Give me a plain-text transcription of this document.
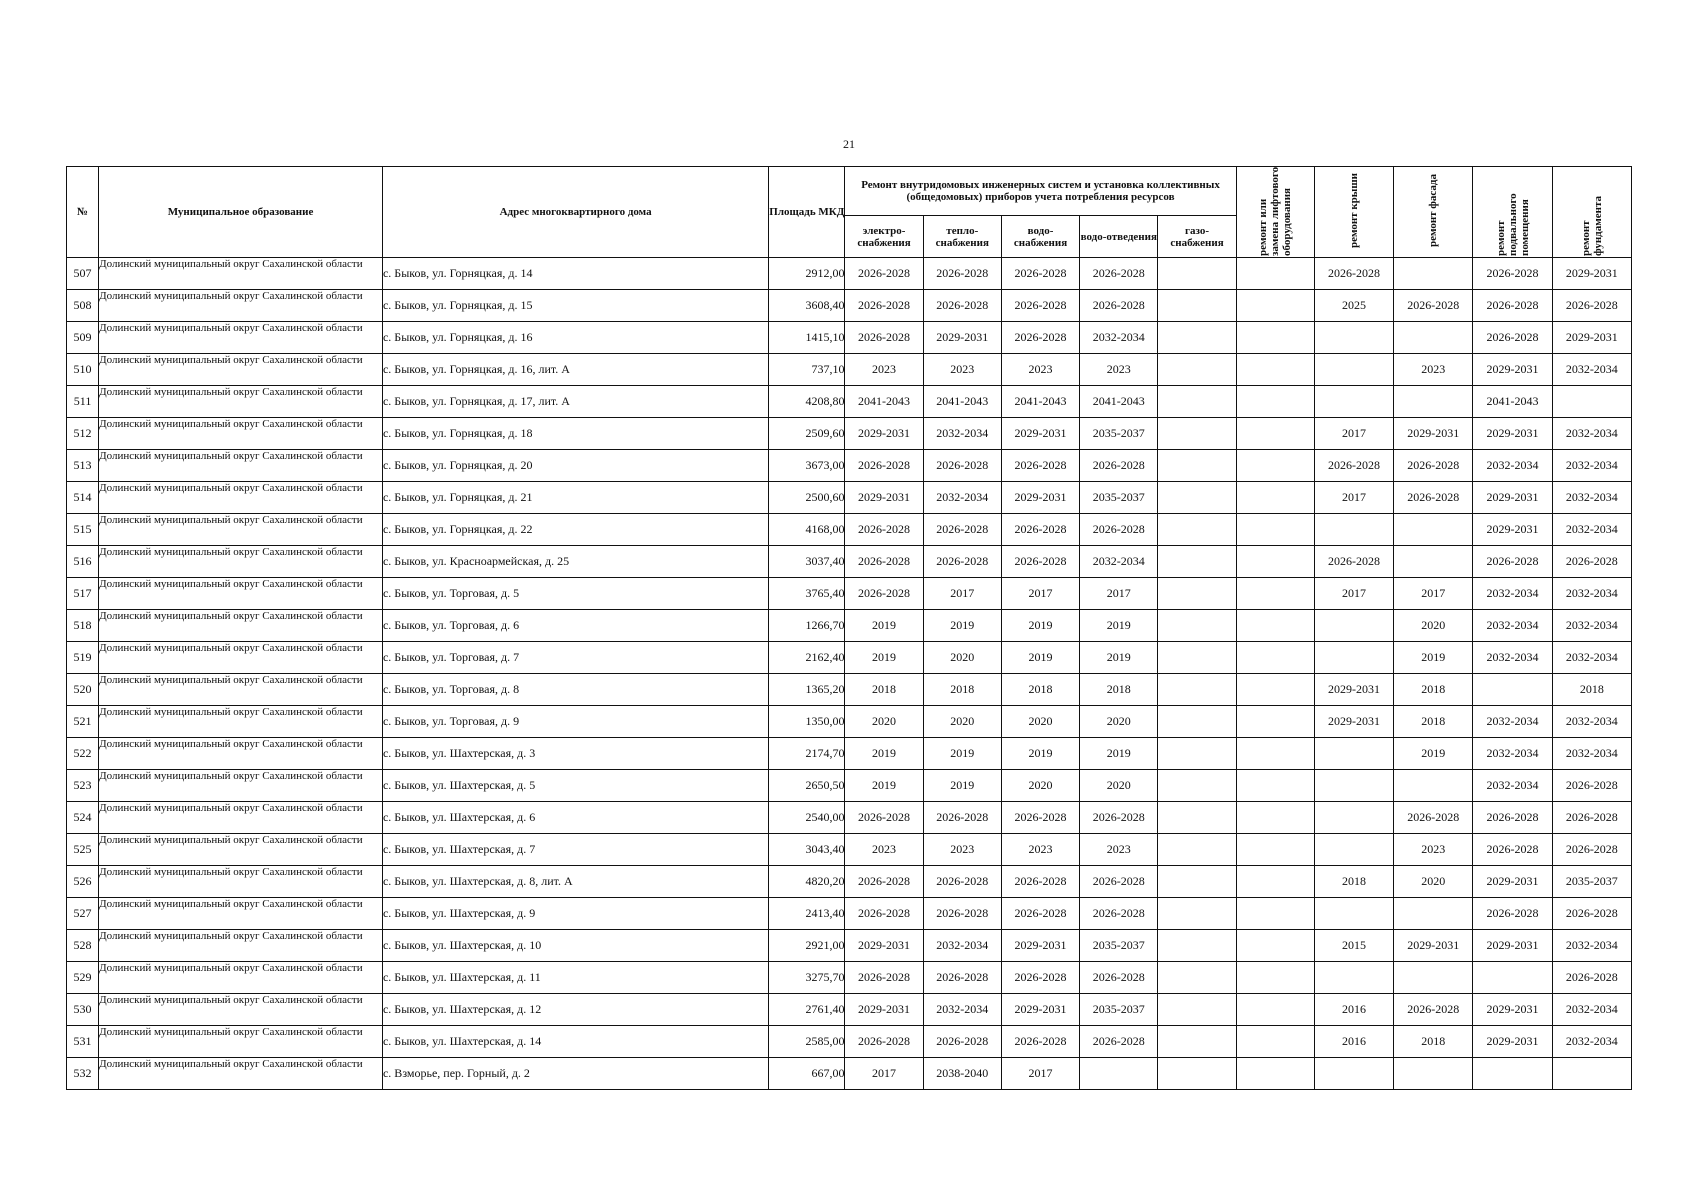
21
№	Муниципальное образование	Адрес многоквартирного дома	Площадь МКД	Ремонт внутридомовых инженерных систем и установка коллективных (общедомовых) приборов учета потребления ресурсов					ремонт или замена лифтового оборудования	ремонт крыши	ремонт фасада	ремонт подвального помещения	ремонт фундамента
				электро-снабжения	тепло-снабжения	водо-снабжения	водо-отведения	газо-снабжения					
507	Долинский муниципальный округ Сахалинской области	с. Быков, ул. Горняцкая, д. 14	2912,00	2026-2028	2026-2028	2026-2028	2026-2028			2026-2028		2026-2028	2029-2031
508	Долинский муниципальный округ Сахалинской области	с. Быков, ул. Горняцкая, д. 15	3608,40	2026-2028	2026-2028	2026-2028	2026-2028			2025	2026-2028	2026-2028	2026-2028
509	Долинский муниципальный округ Сахалинской области	с. Быков, ул. Горняцкая, д. 16	1415,10	2026-2028	2029-2031	2026-2028	2032-2034					2026-2028	2029-2031
510	Долинский муниципальный округ Сахалинской области	с. Быков, ул. Горняцкая, д. 16, лит. А	737,10	2023	2023	2023	2023				2023	2029-2031	2032-2034
511	Долинский муниципальный округ Сахалинской области	с. Быков, ул. Горняцкая, д. 17, лит. А	4208,80	2041-2043	2041-2043	2041-2043	2041-2043					2041-2043	
512	Долинский муниципальный округ Сахалинской области	с. Быков, ул. Горняцкая, д. 18	2509,60	2029-2031	2032-2034	2029-2031	2035-2037			2017	2029-2031	2029-2031	2032-2034
513	Долинский муниципальный округ Сахалинской области	с. Быков, ул. Горняцкая, д. 20	3673,00	2026-2028	2026-2028	2026-2028	2026-2028			2026-2028	2026-2028	2032-2034	2032-2034
514	Долинский муниципальный округ Сахалинской области	с. Быков, ул. Горняцкая, д. 21	2500,60	2029-2031	2032-2034	2029-2031	2035-2037			2017	2026-2028	2029-2031	2032-2034
515	Долинский муниципальный округ Сахалинской области	с. Быков, ул. Горняцкая, д. 22	4168,00	2026-2028	2026-2028	2026-2028	2026-2028					2029-2031	2032-2034
516	Долинский муниципальный округ Сахалинской области	с. Быков, ул. Красноармейская, д. 25	3037,40	2026-2028	2026-2028	2026-2028	2032-2034			2026-2028		2026-2028	2026-2028
517	Долинский муниципальный округ Сахалинской области	с. Быков, ул. Торговая, д. 5	3765,40	2026-2028	2017	2017	2017			2017	2017	2032-2034	2032-2034
518	Долинский муниципальный округ Сахалинской области	с. Быков, ул. Торговая, д. 6	1266,70	2019	2019	2019	2019				2020	2032-2034	2032-2034
519	Долинский муниципальный округ Сахалинской области	с. Быков, ул. Торговая, д. 7	2162,40	2019	2020	2019	2019				2019	2032-2034	2032-2034
520	Долинский муниципальный округ Сахалинской области	с. Быков, ул. Торговая, д. 8	1365,20	2018	2018	2018	2018			2029-2031	2018		2018
521	Долинский муниципальный округ Сахалинской области	с. Быков, ул. Торговая, д. 9	1350,00	2020	2020	2020	2020			2029-2031	2018	2032-2034	2032-2034
522	Долинский муниципальный округ Сахалинской области	с. Быков, ул. Шахтерская, д. 3	2174,70	2019	2019	2019	2019				2019	2032-2034	2032-2034
523	Долинский муниципальный округ Сахалинской области	с. Быков, ул. Шахтерская, д. 5	2650,50	2019	2019	2020	2020					2032-2034	2026-2028
524	Долинский муниципальный округ Сахалинской области	с. Быков, ул. Шахтерская, д. 6	2540,00	2026-2028	2026-2028	2026-2028	2026-2028				2026-2028	2026-2028	2026-2028
525	Долинский муниципальный округ Сахалинской области	с. Быков, ул. Шахтерская, д. 7	3043,40	2023	2023	2023	2023				2023	2026-2028	2026-2028
526	Долинский муниципальный округ Сахалинской области	с. Быков, ул. Шахтерская, д. 8, лит. А	4820,20	2026-2028	2026-2028	2026-2028	2026-2028			2018	2020	2029-2031	2035-2037
527	Долинский муниципальный округ Сахалинской области	с. Быков, ул. Шахтерская, д. 9	2413,40	2026-2028	2026-2028	2026-2028	2026-2028					2026-2028	2026-2028
528	Долинский муниципальный округ Сахалинской области	с. Быков, ул. Шахтерская, д. 10	2921,00	2029-2031	2032-2034	2029-2031	2035-2037			2015	2029-2031	2029-2031	2032-2034
529	Долинский муниципальный округ Сахалинской области	с. Быков, ул. Шахтерская, д. 11	3275,70	2026-2028	2026-2028	2026-2028	2026-2028						2026-2028
530	Долинский муниципальный округ Сахалинской области	с. Быков, ул. Шахтерская, д. 12	2761,40	2029-2031	2032-2034	2029-2031	2035-2037			2016	2026-2028	2029-2031	2032-2034
531	Долинский муниципальный округ Сахалинской области	с. Быков, ул. Шахтерская, д. 14	2585,00	2026-2028	2026-2028	2026-2028	2026-2028			2016	2018	2029-2031	2032-2034
532	Долинский муниципальный округ Сахалинской области	с. Взморье, пер. Горный, д. 2	667,00	2017	2038-2040	2017							
